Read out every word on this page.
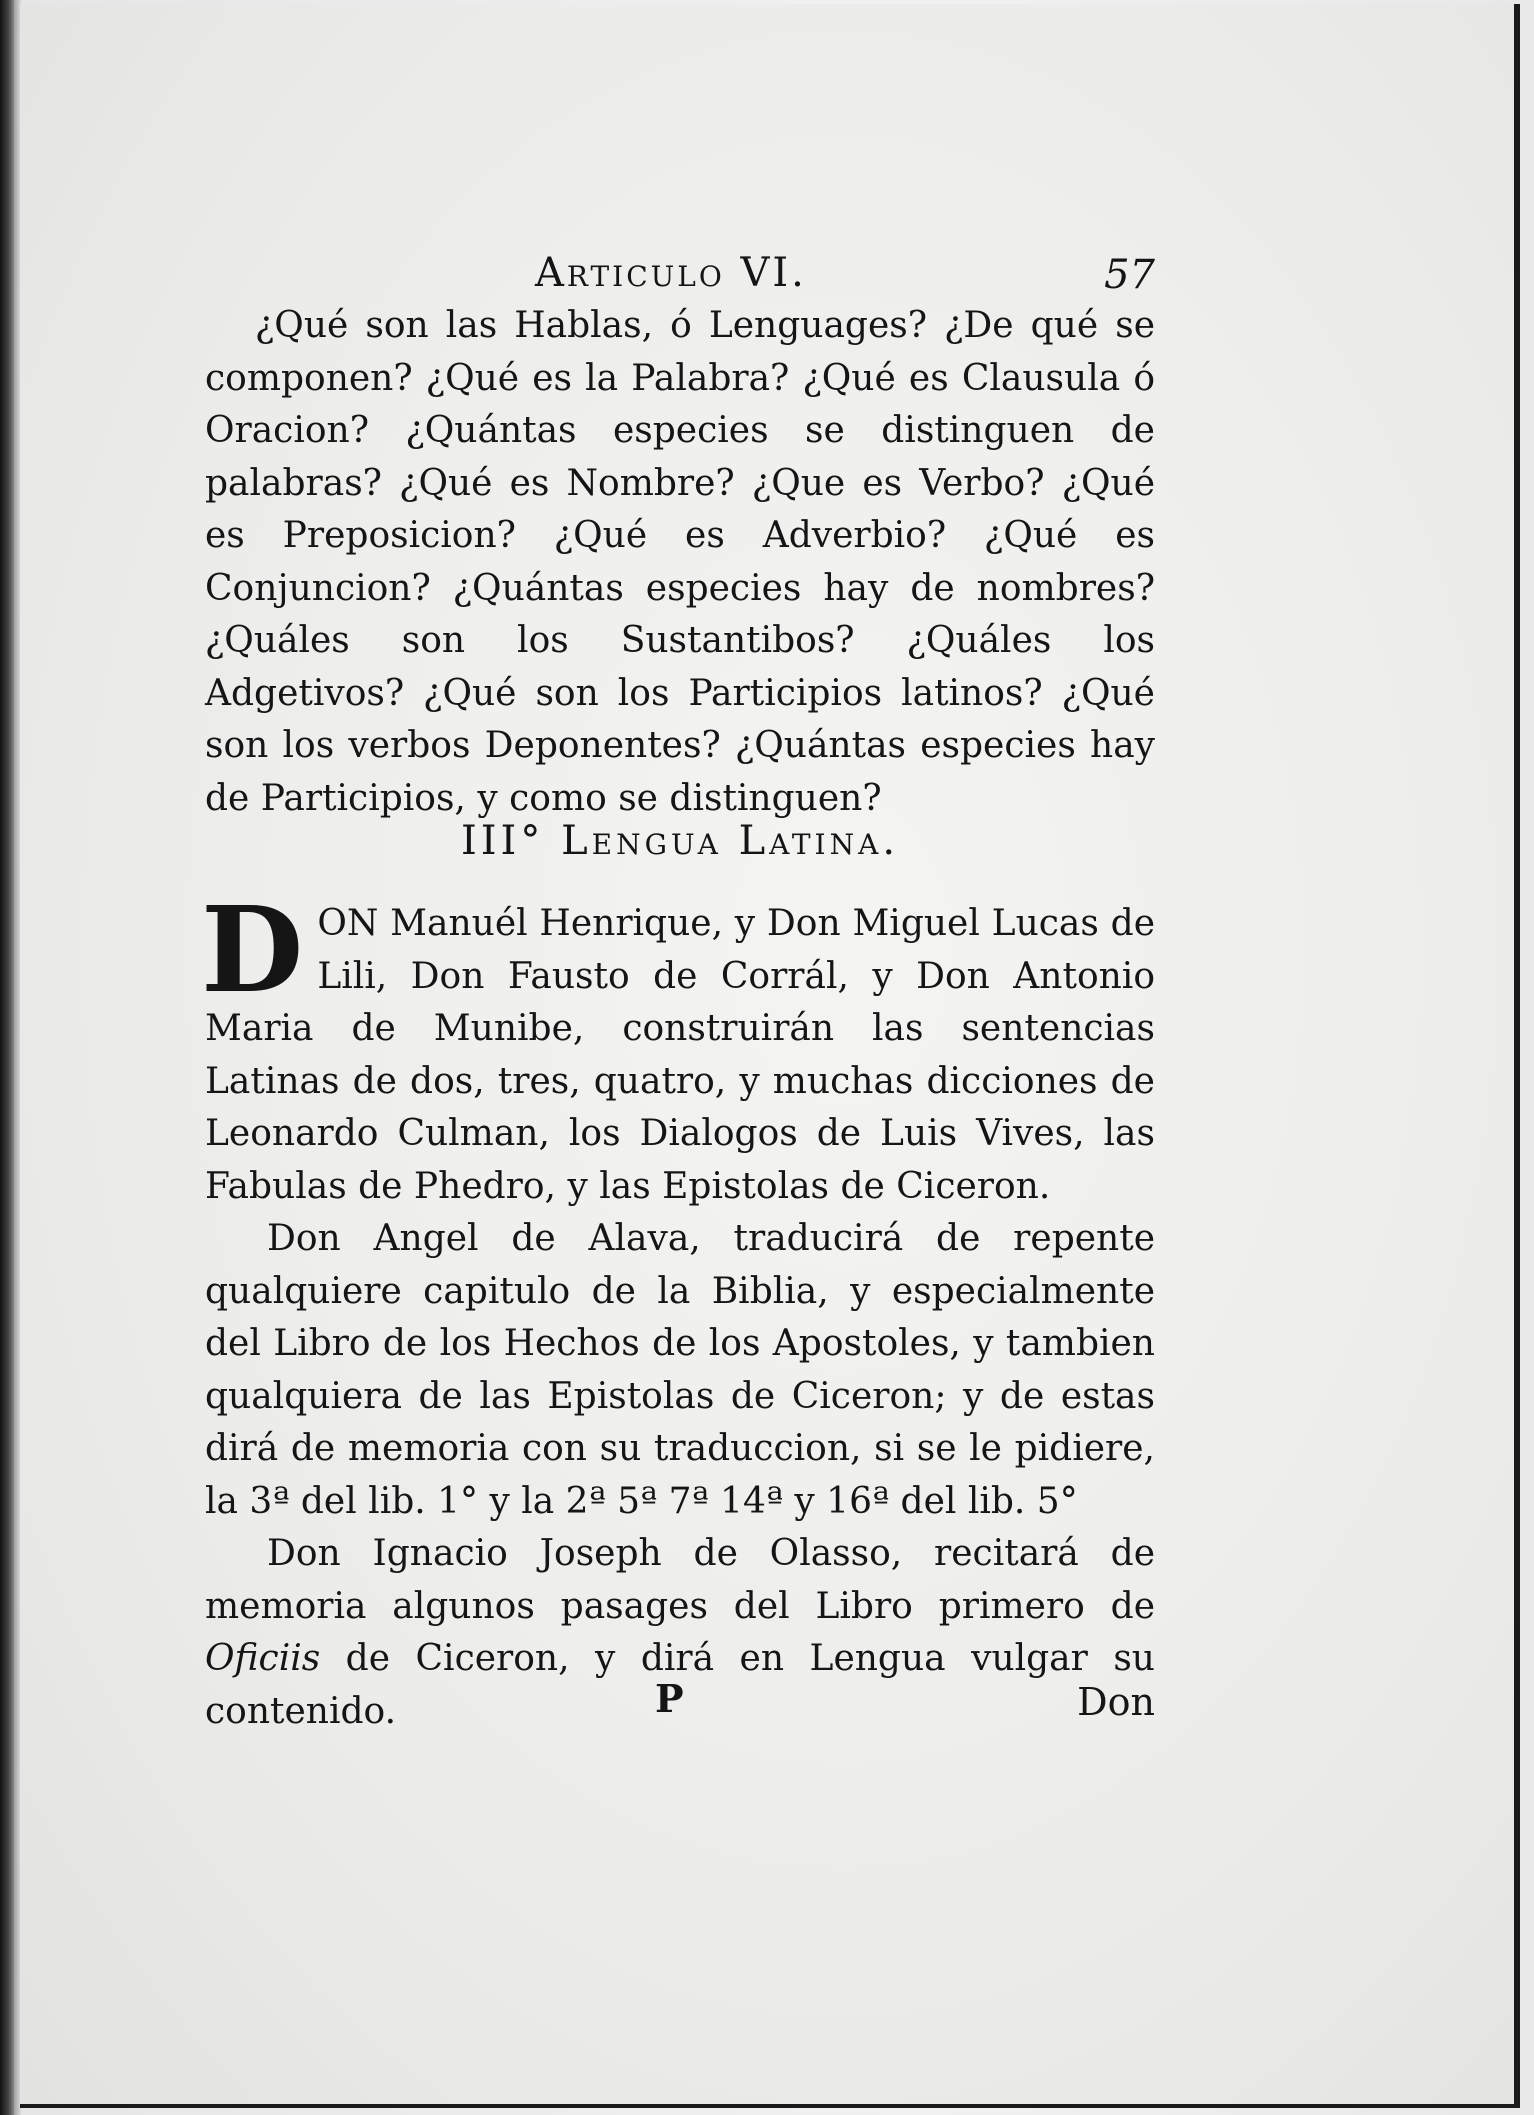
Articulo VI.	57

¿Qué son las Hablas, ó Lenguages? ¿De qué se componen? ¿Qué es la Palabra? ¿Qué es Clausula ó Oracion? ¿Quántas especies se distinguen de palabras? ¿Qué es Nombre? ¿Que es Verbo? ¿Qué es Preposicion? ¿Qué es Adverbio? ¿Qué es Conjuncion? ¿Quántas especies hay de nombres? ¿Quáles son los Sustantibos? ¿Quáles los Adgetivos? ¿Qué son los Participios latinos? ¿Qué son los verbos Deponentes? ¿Quántas especies hay de Participios, y como se distinguen?

III° Lengua Latina.

DON Manuél Henrique, y Don Miguel Lucas de Lili, Don Fausto de Corrál, y Don Antonio Maria de Munibe, construirán las sentencias Latinas de dos, tres, quatro, y muchas dicciones de Leonardo Culman, los Dialogos de Luis Vives, las Fabulas de Phedro, y las Epistolas de Ciceron.

Don Angel de Alava, traducirá de repente qualquiere capitulo de la Biblia, y especialmente del Libro de los Hechos de los Apostoles, y tambien qualquiera de las Epistolas de Ciceron; y de estas dirá de memoria con su traduccion, si se le pidiere, la 3ª del lib. 1° y la 2ª 5ª 7ª 14ª y 16ª del lib. 5°

Don Ignacio Joseph de Olasso, recitará de memoria algunos pasages del Libro primero de Oficiis de Ciceron, y dirá en Lengua vulgar su contenido.	P	Don
